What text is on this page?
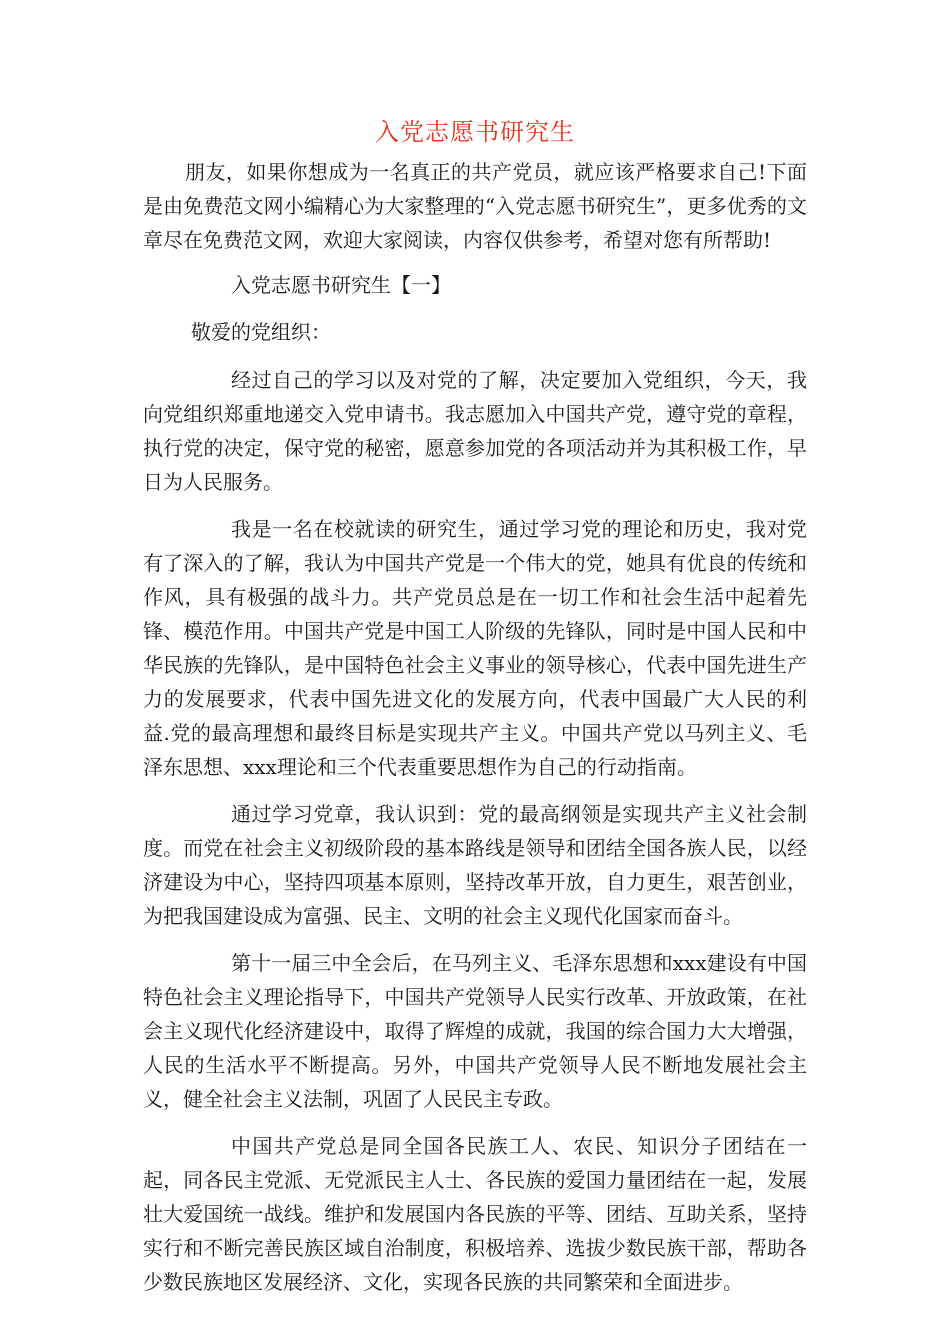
入党志愿书研究生

朋友，如果你想成为一名真正的共产党员，就应该严格要求自己!下面是由免费范文网小编精心为大家整理的“入党志愿书研究生”，更多优秀的文章尽在免费范文网，欢迎大家阅读，内容仅供参考，希望对您有所帮助!

入党志愿书研究生【一】

敬爱的党组织：

经过自己的学习以及对党的了解，决定要加入党组织，今天，我向党组织郑重地递交入党申请书。我志愿加入中国共产党，遵守党的章程，执行党的决定，保守党的秘密，愿意参加党的各项活动并为其积极工作，早日为人民服务。

我是一名在校就读的研究生，通过学习党的理论和历史，我对党有了深入的了解，我认为中国共产党是一个伟大的党，她具有优良的传统和作风，具有极强的战斗力。共产党员总是在一切工作和社会生活中起着先锋、模范作用。中国共产党是中国工人阶级的先锋队，同时是中国人民和中华民族的先锋队，是中国特色社会主义事业的领导核心，代表中国先进生产力的发展要求，代表中国先进文化的发展方向，代表中国最广大人民的利益.党的最高理想和最终目标是实现共产主义。中国共产党以马列主义、毛泽东思想、xxx理论和三个代表重要思想作为自己的行动指南。

通过学习党章，我认识到：党的最高纲领是实现共产主义社会制度。而党在社会主义初级阶段的基本路线是领导和团结全国各族人民，以经济建设为中心，坚持四项基本原则，坚持改革开放，自力更生，艰苦创业，为把我国建设成为富强、民主、文明的社会主义现代化国家而奋斗。

第十一届三中全会后，在马列主义、毛泽东思想和xxx建设有中国特色社会主义理论指导下，中国共产党领导人民实行改革、开放政策，在社会主义现代化经济建设中，取得了辉煌的成就，我国的综合国力大大增强，人民的生活水平不断提高。另外，中国共产党领导人民不断地发展社会主义，健全社会主义法制，巩固了人民民主专政。

中国共产党总是同全国各民族工人、农民、知识分子团结在一起，同各民主党派、无党派民主人士、各民族的爱国力量团结在一起，发展壮大爱国统一战线。维护和发展国内各民族的平等、团结、互助关系，坚持实行和不断完善民族区域自治制度，积极培养、选拔少数民族干部，帮助各少数民族地区发展经济、文化，实现各民族的共同繁荣和全面进步。
